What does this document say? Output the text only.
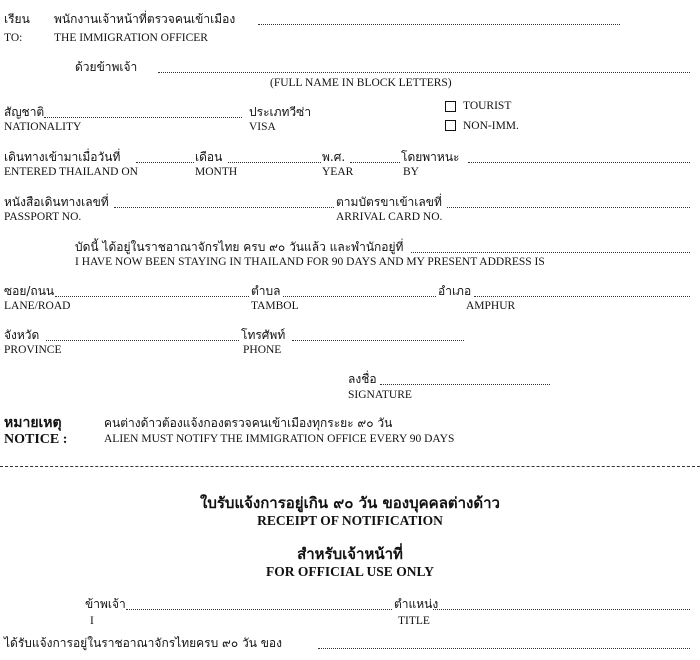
เรียน พนักงานเจ้าหน้าที่ตรวจคนเข้าเมือง
TO:	THE IMMIGRATION OFFICER
ด้วยข้าพเจ้า
(FULL NAME IN BLOCK LETTERS)
สัญชาติ
NATIONALITY
ประเภทวีซ่า
VISA
TOURIST
NON-IMM.
เดินทางเข้ามาเมื่อวันที่	เดือน	พ.ศ.	โดยพาหนะ
ENTERED THAILAND ON	MONTH	YEAR	BY
หนังสือเดินทางเลขที่	ตามบัตรขาเข้าเลขที่
PASSPORT NO.	ARRIVAL CARD NO.
บัดนี้ ได้อยู่ในราชอาณาจักรไทย ครบ ๙๐ วันแล้ว และพำนักอยู่ที่
I HAVE NOW BEEN STAYING IN THAILAND FOR 90 DAYS AND MY PRESENT ADDRESS IS
ซอย/ถนน	ตำบล	อำเภอ
LANE/ROAD	TAMBOL	AMPHUR
จังหวัด	โทรศัพท์
PROVINCE	PHONE
ลงชื่อ
SIGNATURE
หมายเหตุ	คนต่างด้าวต้องแจ้งกองตรวจคนเข้าเมืองทุกระยะ ๙๐ วัน
NOTICE :	ALIEN MUST NOTIFY THE IMMIGRATION OFFICE EVERY 90 DAYS
ใบรับแจ้งการอยู่เกิน ๙๐ วัน ของบุคคลต่างด้าว
RECEIPT OF NOTIFICATION
สำหรับเจ้าหน้าที่
FOR OFFICIAL USE ONLY
ข้าพเจ้า	ตำแหน่ง
I	TITLE
ได้รับแจ้งการอยู่ในราชอาณาจักรไทยครบ ๙๐ วัน ของ
